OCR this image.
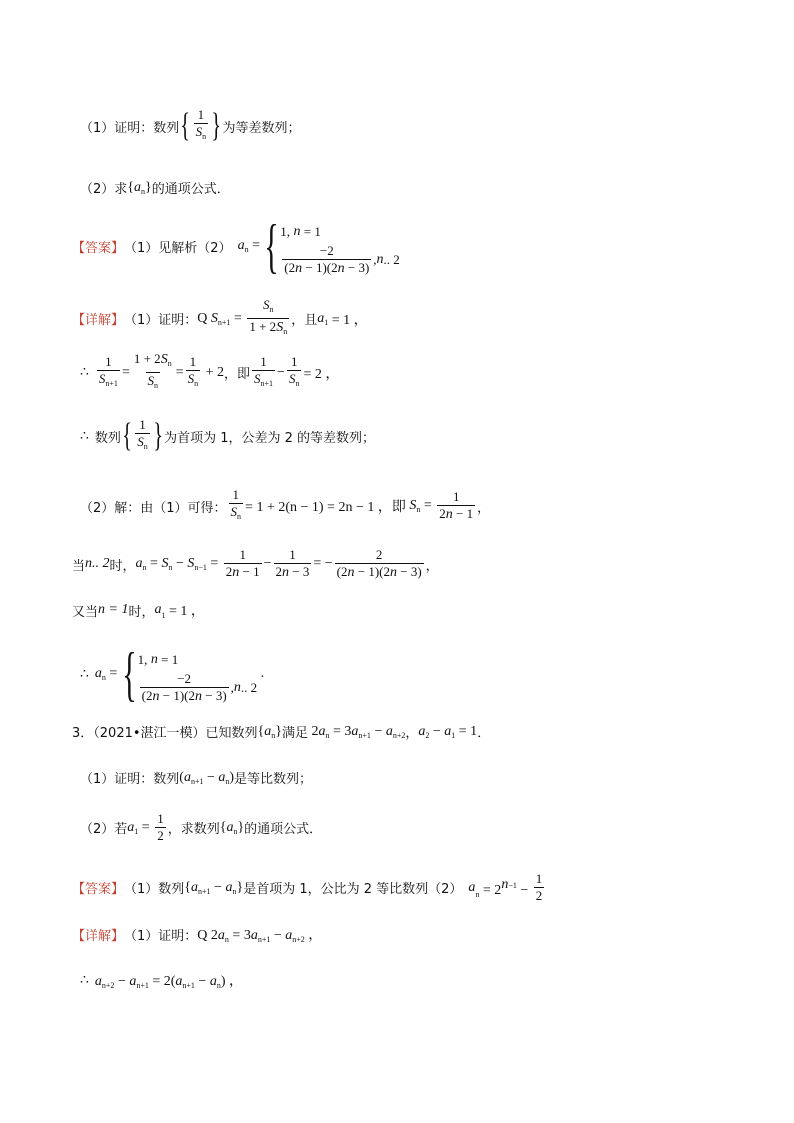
（1）证明：数列 { $\frac{1}{S_n}$ } 为等差数列；
（2）求 $\{a_n\}$ 的通项公式．
【答案】 （1）见解析（2） $a_n$ = { 1, n = 1
$\frac{-2}{(2n - 1)(2n - 3)}$ , n .. 2
【详解】 （1）证明： Q S $_{n+1} = \frac{S_n}{1 + 2S_n}$ ，且 a $_1$ = 1 ，
∴ $\frac{1}{S_{n+1}} = \frac{1 + 2S_n}{S_n} = \frac{1}{S_n} + 2$ ，即 $\frac{1}{S_{n+1}} - \frac{1}{S_n} = 2$ ，
∴ 数列 { $\frac{1}{S_n}$ } 为首项为 1，公差为 2 的等差数列；
（2）解：由（1）可得： $\frac{1}{S_n} = 1 + 2(n - 1) = 2n - 1$ ，即 S $_n = \frac{1}{2n - 1}$ ，
当 n.. 2 时， a $_n$ = S $_n$ − S $_{n-1} = \frac{1}{2n - 1} - \frac{1}{2n - 3}$ = − $\frac{2}{(2n - 1)(2n - 3)}$ ，
又当 n = 1 时， a $_1$ = 1 ，
∴ a $_n$ = { 1, n = 1
$\frac{-2}{(2n - 1)(2n - 3)}$ , n .. 2
.
3．（2021•湛江一模）已知数列 $\{a_n\}$ 满足 $2a_n = 3a_{n+1} - a_{n+2}$ ， $a_2 - a_1 = 1$ ．
（1）证明：数列 $(a_{n+1} - a_n)$ 是等比数列；
（2）若 a $_1 = \frac{1}{2}$ ，求数列 $\{a_n\}$ 的通项公式．
【答案】 （1）数列 $\{a_{n+1} - a_n\}$ 是首项为 1，公比为 2 等比数列（2） a $_n = 2^{n-1} - \frac{1}{2}$
【详解】 （1）证明： Q $2a_n = 3a_{n+1} - a_{n+2}$ ，
∴ $a_{n+2} - a_{n+1} = 2(a_{n+1} - a_n)$ ，
